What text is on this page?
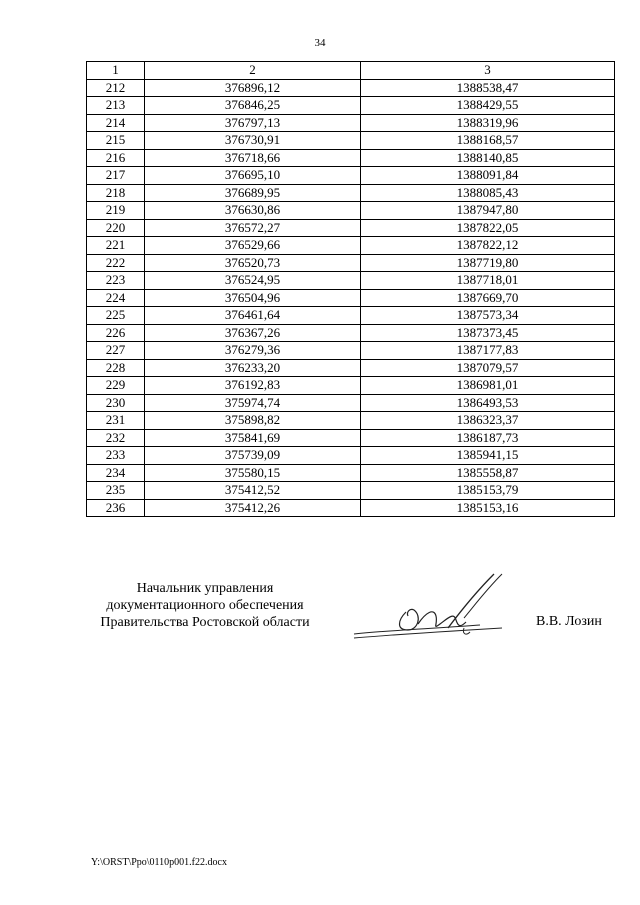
34
1	2	3
212	376896,12	1388538,47
213	376846,25	1388429,55
214	376797,13	1388319,96
215	376730,91	1388168,57
216	376718,66	1388140,85
217	376695,10	1388091,84
218	376689,95	1388085,43
219	376630,86	1387947,80
220	376572,27	1387822,05
221	376529,66	1387822,12
222	376520,73	1387719,80
223	376524,95	1387718,01
224	376504,96	1387669,70
225	376461,64	1387573,34
226	376367,26	1387373,45
227	376279,36	1387177,83
228	376233,20	1387079,57
229	376192,83	1386981,01
230	375974,74	1386493,53
231	375898,82	1386323,37
232	375841,69	1386187,73
233	375739,09	1385941,15
234	375580,15	1385558,87
235	375412,52	1385153,79
236	375412,26	1385153,16
Начальник управления
документационного обеспечения
Правительства Ростовской области	В.В. Лозин
Y:\ORST\Ppo\0110p001.f22.docx
